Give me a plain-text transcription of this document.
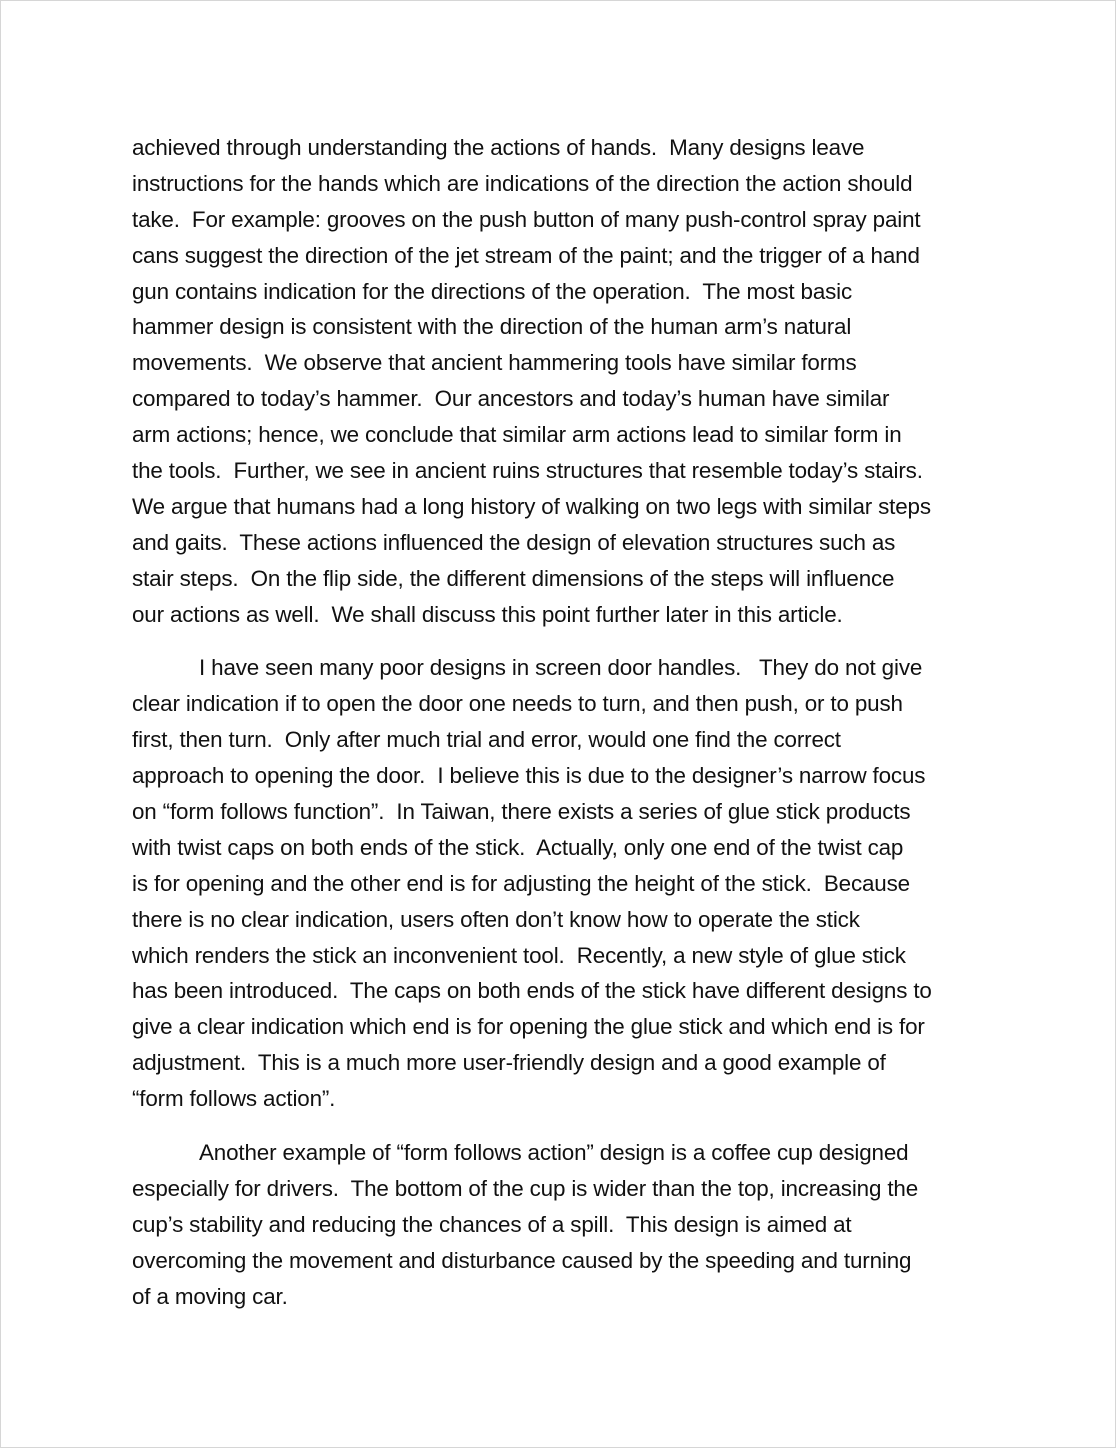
achieved through understanding the actions of hands.  Many designs leave
instructions for the hands which are indications of the direction the action should
take.  For example: grooves on the push button of many push-control spray paint
cans suggest the direction of the jet stream of the paint; and the trigger of a hand
gun contains indication for the directions of the operation.  The most basic
hammer design is consistent with the direction of the human arm’s natural
movements.  We observe that ancient hammering tools have similar forms
compared to today’s hammer.  Our ancestors and today’s human have similar
arm actions; hence, we conclude that similar arm actions lead to similar form in
the tools.  Further, we see in ancient ruins structures that resemble today’s stairs.
We argue that humans had a long history of walking on two legs with similar steps
and gaits.  These actions influenced the design of elevation structures such as
stair steps.  On the flip side, the different dimensions of the steps will influence
our actions as well.  We shall discuss this point further later in this article.
I have seen many poor designs in screen door handles.   They do not give
clear indication if to open the door one needs to turn, and then push, or to push
first, then turn.  Only after much trial and error, would one find the correct
approach to opening the door.  I believe this is due to the designer’s narrow focus
on “form follows function”.  In Taiwan, there exists a series of glue stick products
with twist caps on both ends of the stick.  Actually, only one end of the twist cap
is for opening and the other end is for adjusting the height of the stick.  Because
there is no clear indication, users often don’t know how to operate the stick
which renders the stick an inconvenient tool.  Recently, a new style of glue stick
has been introduced.  The caps on both ends of the stick have different designs to
give a clear indication which end is for opening the glue stick and which end is for
adjustment.  This is a much more user-friendly design and a good example of
“form follows action”.
Another example of “form follows action” design is a coffee cup designed
especially for drivers.  The bottom of the cup is wider than the top, increasing the
cup’s stability and reducing the chances of a spill.  This design is aimed at
overcoming the movement and disturbance caused by the speeding and turning
of a moving car.
